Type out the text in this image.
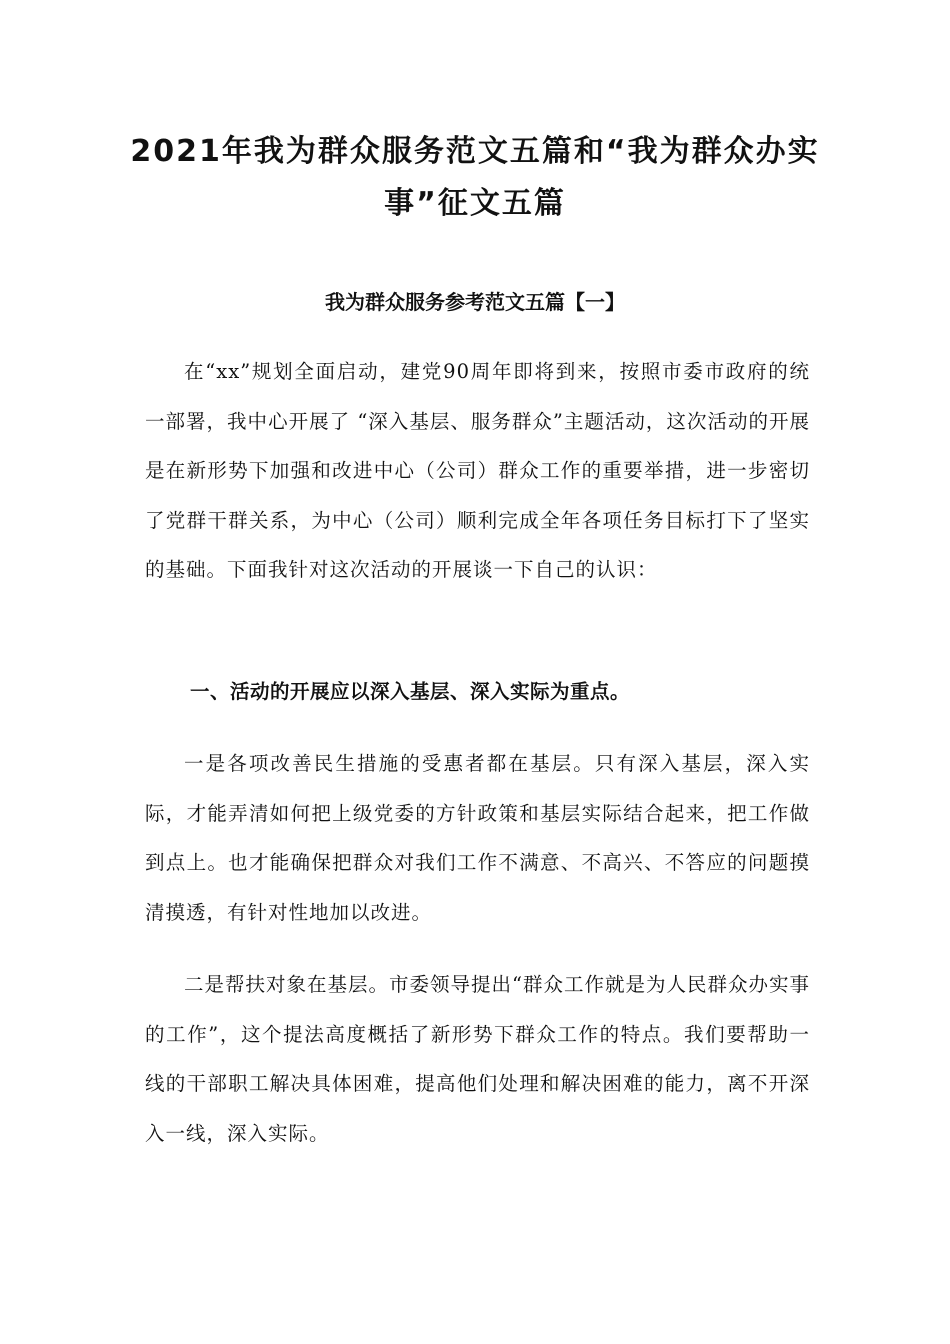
2021年我为群众服务范文五篇和“我为群众办实事”征文五篇
我为群众服务参考范文五篇【一】

在“xx”规划全面启动，建党90周年即将到来，按照市委市政府的统一部署，我中心开展了 “深入基层、服务群众”主题活动，这次活动的开展是在新形势下加强和改进中心（公司）群众工作的重要举措，进一步密切了党群干群关系，为中心（公司）顺利完成全年各项任务目标打下了坚实的基础。下面我针对这次活动的开展谈一下自己的认识：

一、活动的开展应以深入基层、深入实际为重点。

一是各项改善民生措施的受惠者都在基层。只有深入基层，深入实际，才能弄清如何把上级党委的方针政策和基层实际结合起来，把工作做到点上。也才能确保把群众对我们工作不满意、不高兴、不答应的问题摸清摸透，有针对性地加以改进。

二是帮扶对象在基层。市委领导提出“群众工作就是为人民群众办实事的工作”，这个提法高度概括了新形势下群众工作的特点。我们要帮助一线的干部职工解决具体困难，提高他们处理和解决困难的能力，离不开深入一线，深入实际。
